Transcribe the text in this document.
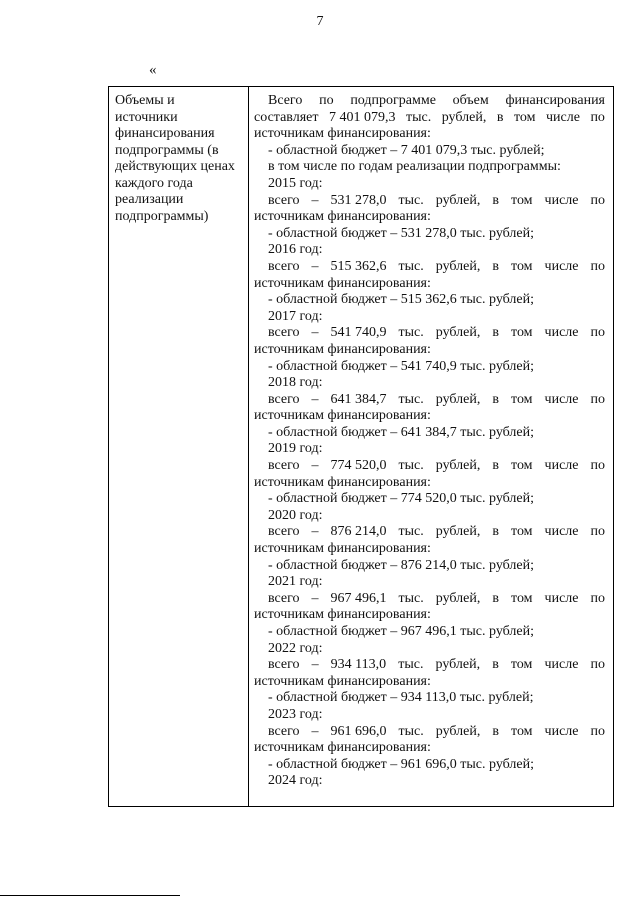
7
«
Объемы и
источники
финансирования
подпрограммы (в
действующих ценах
каждого года
реализации
подпрограммы)
Всего по подпрограмме объем финансирования
составляет 7 401 079,3 тыс. рублей, в том числе по
источникам финансирования:
- областной бюджет – 7 401 079,3 тыс. рублей;
в том числе по годам реализации подпрограммы:
2015 год:
всего – 531 278,0 тыс. рублей, в том числе по
источникам финансирования:
- областной бюджет – 531 278,0 тыс. рублей;
2016 год:
всего – 515 362,6 тыс. рублей, в том числе по
источникам финансирования:
- областной бюджет – 515 362,6 тыс. рублей;
2017 год:
всего – 541 740,9 тыс. рублей, в том числе по
источникам финансирования:
- областной бюджет – 541 740,9 тыс. рублей;
2018 год:
всего – 641 384,7 тыс. рублей, в том числе по
источникам финансирования:
- областной бюджет – 641 384,7 тыс. рублей;
2019 год:
всего – 774 520,0 тыс. рублей, в том числе по
источникам финансирования:
- областной бюджет – 774 520,0 тыс. рублей;
2020 год:
всего – 876 214,0 тыс. рублей, в том числе по
источникам финансирования:
- областной бюджет – 876 214,0 тыс. рублей;
2021 год:
всего – 967 496,1 тыс. рублей, в том числе по
источникам финансирования:
- областной бюджет – 967 496,1 тыс. рублей;
2022 год:
всего – 934 113,0 тыс. рублей, в том числе по
источникам финансирования:
- областной бюджет – 934 113,0 тыс. рублей;
2023 год:
всего – 961 696,0 тыс. рублей, в том числе по
источникам финансирования:
- областной бюджет – 961 696,0 тыс. рублей;
2024 год:
